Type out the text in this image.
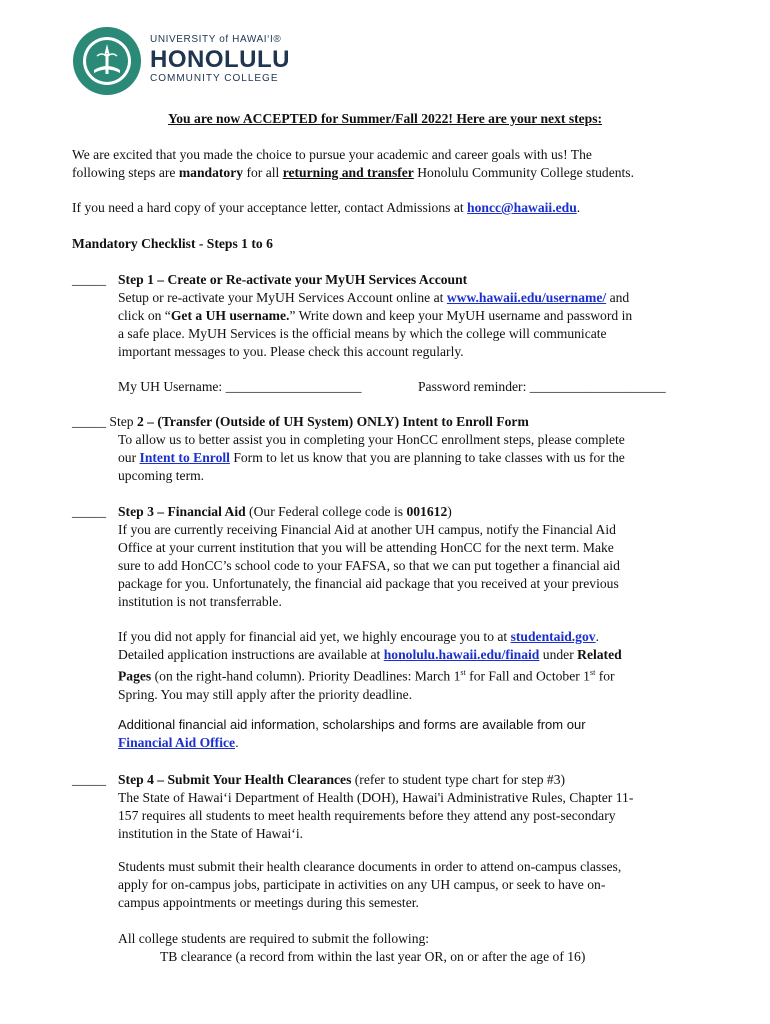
UNIVERSITY of HAWAI‘I®
HONOLULU
COMMUNITY COLLEGE
You are now ACCEPTED for Summer/Fall 2022! Here are your next steps:
We are excited that you made the choice to pursue your academic and career goals with us! The
following steps are mandatory for all returning and transfer Honolulu Community College students.
If you need a hard copy of your acceptance letter, contact Admissions at honcc@hawaii.edu.
Mandatory Checklist - Steps 1 to 6
_____ Step 1 – Create or Re-activate your MyUH Services Account
Setup or re-activate your MyUH Services Account online at www.hawaii.edu/username/ and
click on “Get a UH username.” Write down and keep your MyUH username and password in
a safe place. MyUH Services is the official means by which the college will communicate
important messages to you. Please check this account regularly.
My UH Username: ____________________	Password reminder: ____________________
_____ Step 2 – (Transfer (Outside of UH System) ONLY) Intent to Enroll Form
To allow us to better assist you in completing your HonCC enrollment steps, please complete
our Intent to Enroll Form to let us know that you are planning to take classes with us for the
upcoming term.
_____ Step 3 – Financial Aid (Our Federal college code is 001612)
If you are currently receiving Financial Aid at another UH campus, notify the Financial Aid
Office at your current institution that you will be attending HonCC for the next term. Make
sure to add HonCC’s school code to your FAFSA, so that we can put together a financial aid
package for you. Unfortunately, the financial aid package that you received at your previous
institution is not transferrable.
If you did not apply for financial aid yet, we highly encourage you to at studentaid.gov.
Detailed application instructions are available at honolulu.hawaii.edu/finaid under Related
Pages (on the right-hand column). Priority Deadlines: March 1st for Fall and October 1st for
Spring. You may still apply after the priority deadline.
Additional financial aid information, scholarships and forms are available from our
Financial Aid Office.
_____ Step 4 – Submit Your Health Clearances (refer to student type chart for step #3)
The State of Hawai‘i Department of Health (DOH), Hawai'i Administrative Rules, Chapter 11-
157 requires all students to meet health requirements before they attend any post-secondary
institution in the State of Hawai‘i.
Students must submit their health clearance documents in order to attend on-campus classes,
apply for on-campus jobs, participate in activities on any UH campus, or seek to have on-
campus appointments or meetings during this semester.
All college students are required to submit the following:
TB clearance (a record from within the last year OR, on or after the age of 16)
